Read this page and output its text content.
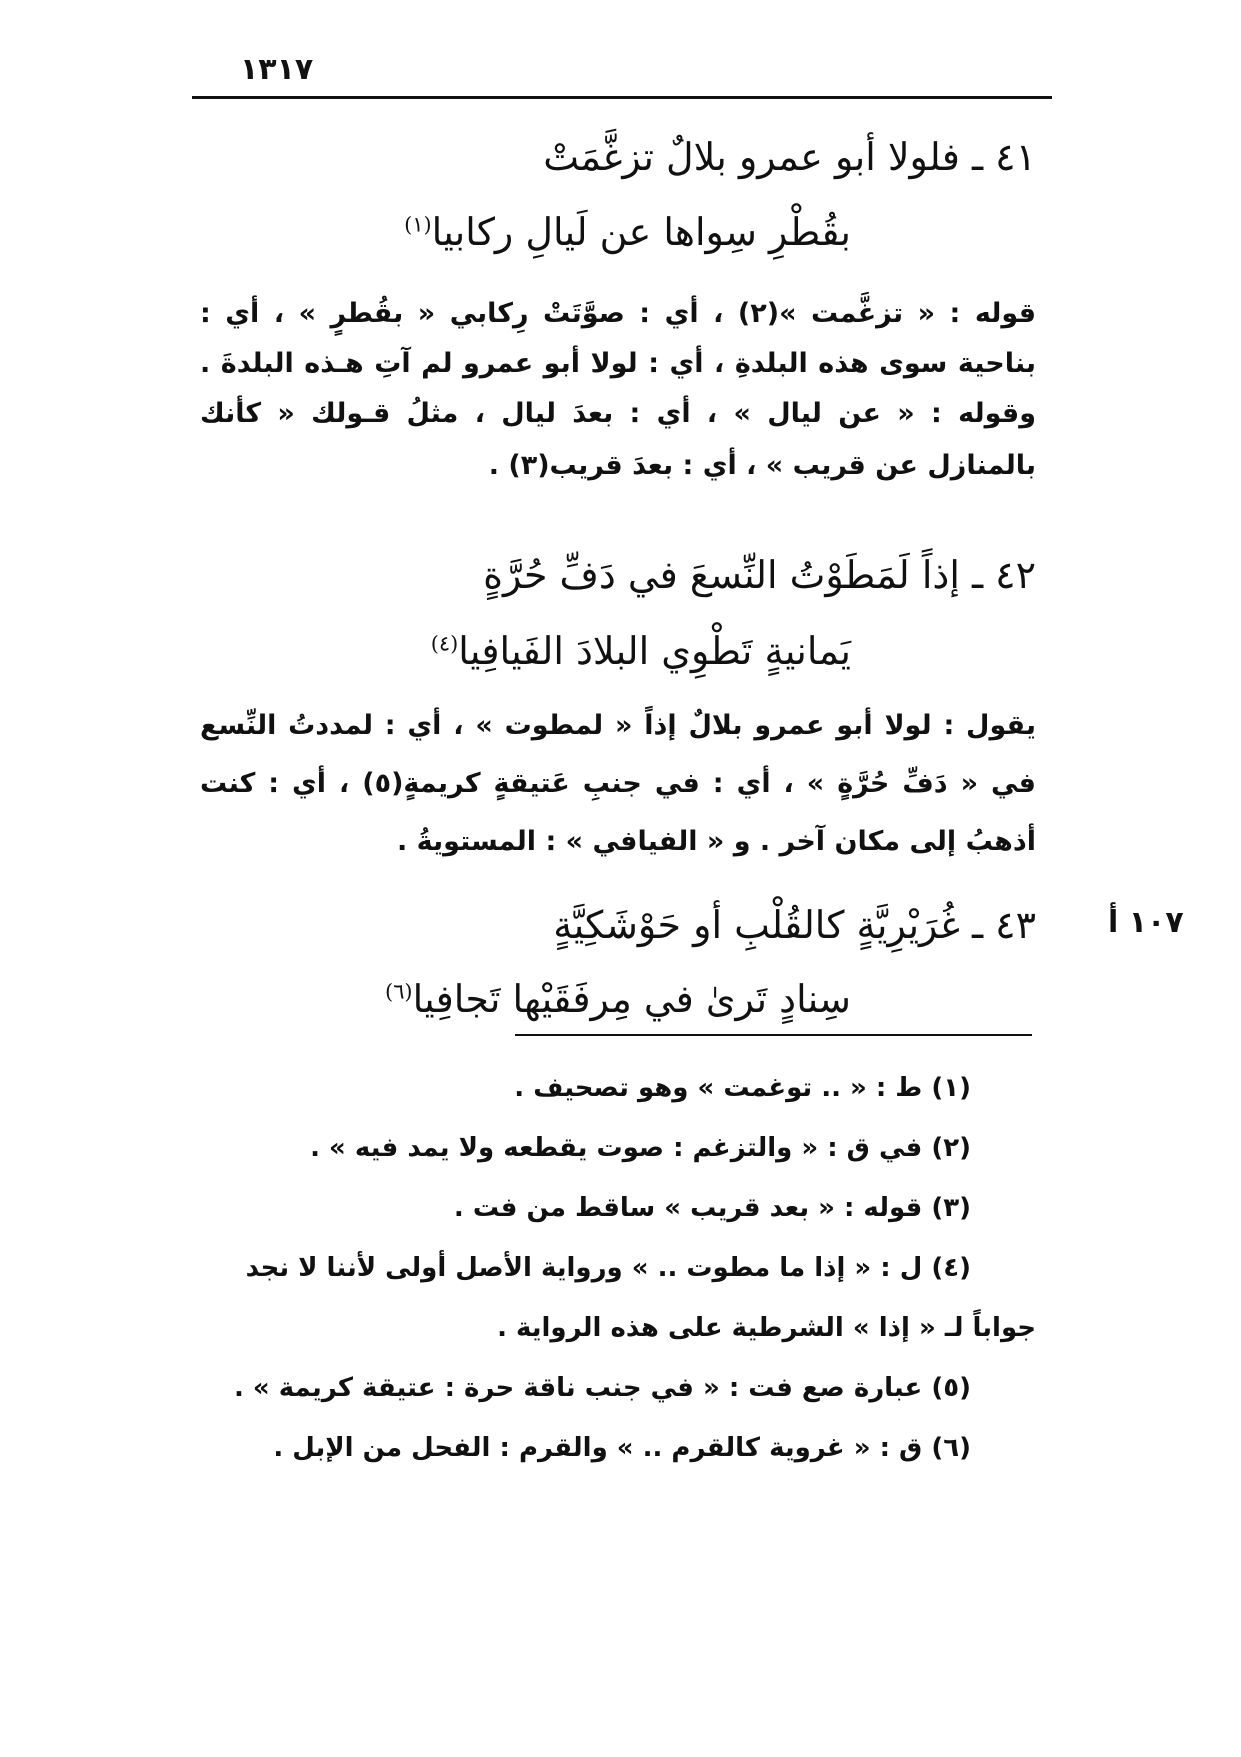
١٣١٧
٤١ ـ فلولا أبو عمرو بلالٌ تزغَّمَتْ
بقُطْرِ سِواها عن لَيالِ ركابيا$^{(١)}$
قوله : « تزغَّمت »(٢) ، أي : صوَّتَتْ رِكابي « بقُطرٍ » ، أي :
بناحية سوى هذه البلدةِ ، أي : لولا أبو عمرو لم آتِ هـذه البلدةَ .
وقوله : « عن ليال » ، أي : بعدَ ليال ، مثلُ قـولك « كأنك
بالمنازل عن قريب » ، أي : بعدَ قريب(٣) .
٤٢ ـ إذاً لَمَطَوْتُ النِّسعَ في دَفِّ حُرَّةٍ
يَمانيةٍ تَطْوِي البلادَ الفَيافِيا$^{(٤)}$
يقول : لولا أبو عمرو بلالٌ إذاً « لمطوت » ، أي : لمددتُ النِّسع
في « دَفِّ حُرَّةٍ » ، أي : في جنبِ عَتيقةٍ كريمةٍ(٥) ، أي : كنت
أذهبُ إلى مكان آخر . و « الفيافي » : المستويةُ .
١٠٧ أ
٤٣ ـ غُرَيْرِيَّةٍ كالقُلْبِ أو حَوْشَكِيَّةٍ
سِنادٍ تَرىٰ في مِرفَقَيْها تَجافِيا$^{(٦)}$
(١) ط : « .. توغمت » وهو تصحيف .
(٢) في ق : « والتزغم : صوت يقطعه ولا يمد فيه » .
(٣) قوله : « بعد قريب » ساقط من فت .
(٤) ل : « إذا ما مطوت .. » ورواية الأصل أولى لأننا لا نجد
جواباً لـ « إذا » الشرطية على هذه الرواية .
(٥) عبارة صع فت : « في جنب ناقة حرة : عتيقة كريمة » .
(٦) ق : « غروية كالقرم .. » والقرم : الفحل من الإبل .
